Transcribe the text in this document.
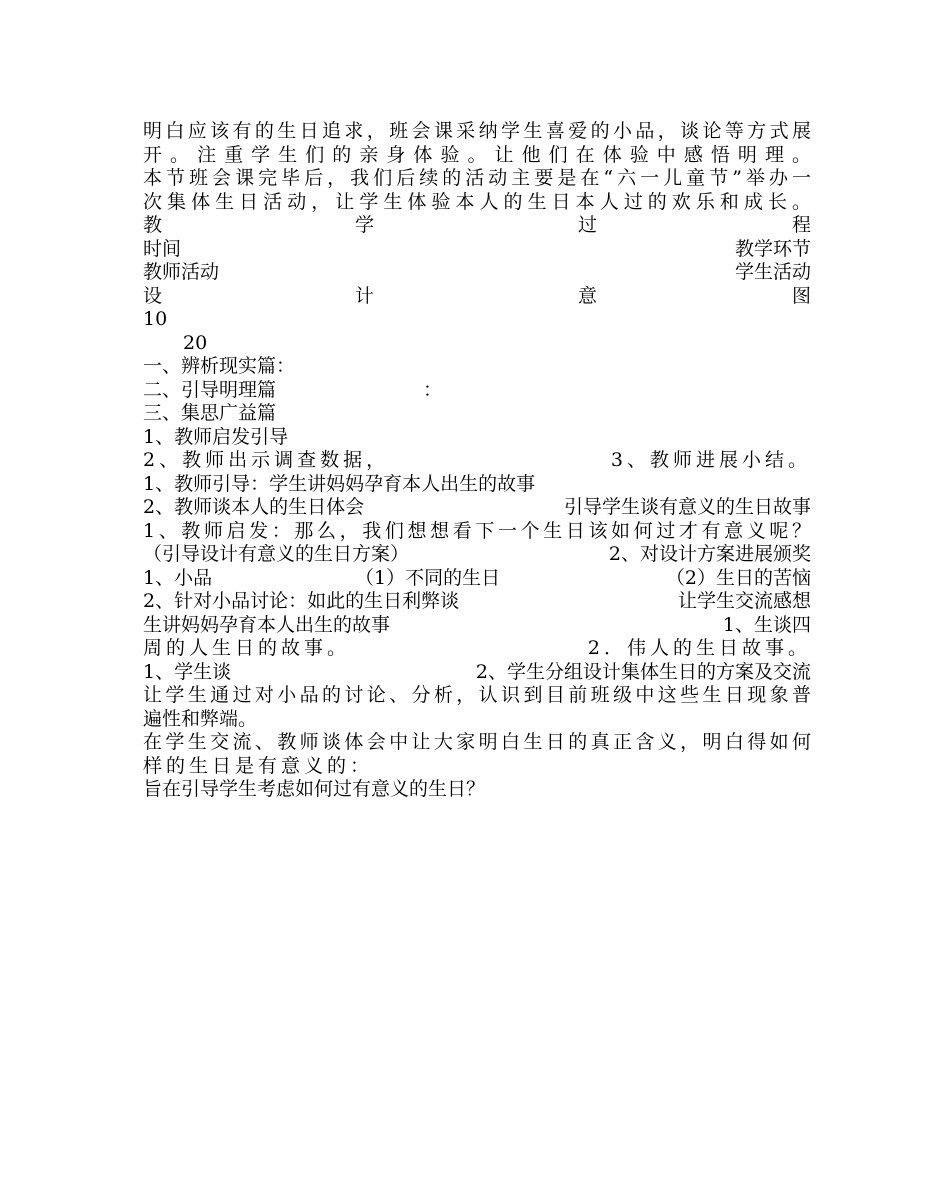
明白应该有的生日追求，班会课采纳学生喜爱的小品，谈论等方式展
开。注重学生们的亲身体验。让他们在体验中感悟明理。
本节班会课完毕后，我们后续的活动主要是在“六一儿童节”举办一
次集体生日活动，让学生体验本人的生日本人过的欢乐和成长。
教	学	过	程
时间	教学环节
教师活动	学生活动
设	计	意	图
10
20
一、辨析现实篇：
二、引导明理篇	：
三、集思广益篇
1、教师启发引导
2、教师出示调查数据，	3、教师进展小结。
1、教师引导：学生讲妈妈孕育本人出生的故事
2、教师谈本人的生日体会	引导学生谈有意义的生日故事
1、教师启发：那么，我们想想看下一个生日该如何过才有意义呢？
（引导设计有意义的生日方案）	2、对设计方案进展颁奖
1、小品	（1）不同的生日	（2）生日的苦恼
2、针对小品讨论：如此的生日利弊谈	让学生交流感想
生讲妈妈孕育本人出生的故事	1、生谈四
周的人生日的故事。	2．伟人的生日故事。
1、学生谈	2、学生分组设计集体生日的方案及交流
让学生通过对小品的讨论、分析，认识到目前班级中这些生日现象普
遍性和弊端。
在学生交流、教师谈体会中让大家明白生日的真正含义，明白得如何
样的生日是有意义的：
旨在引导学生考虑如何过有意义的生日？
